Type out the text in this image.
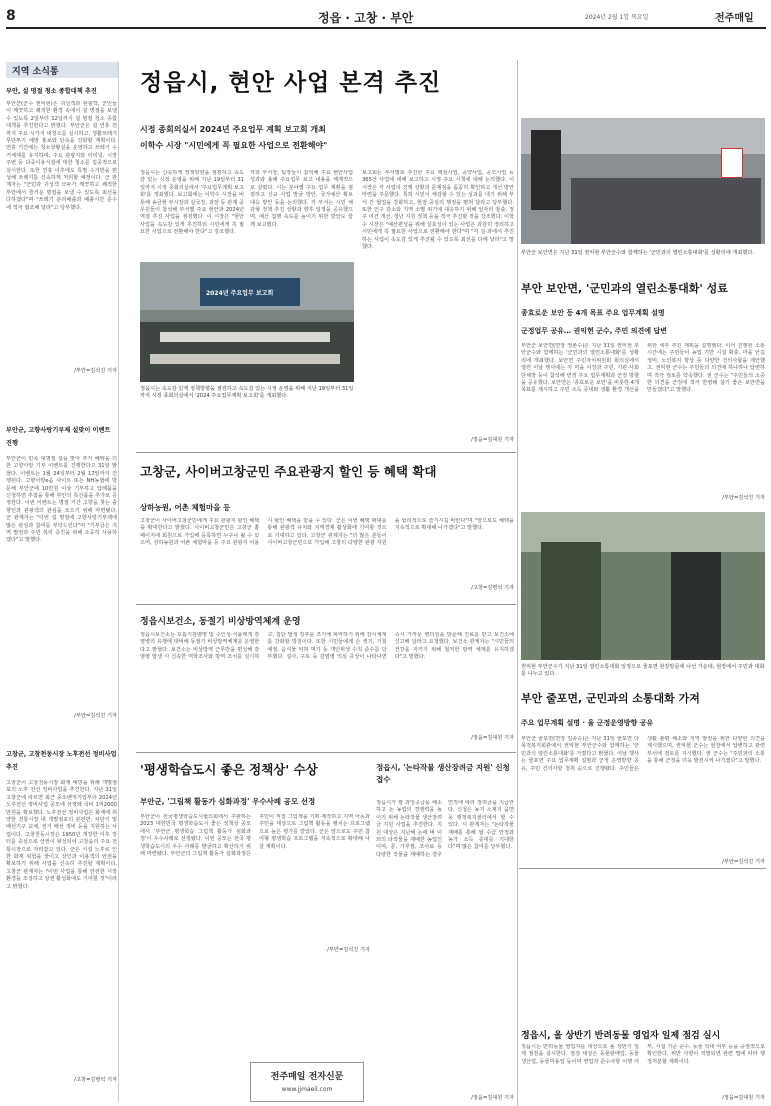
8	정읍 · 고창 · 부안	2024년 2월 1일 목요일	전주매일
지역 소식통
부안, 설 명절 청소 종합대책 추진
부안군(군수 권익현)은 귀성객과 관광객, 군민들이 깨끗하고 쾌적한 환경 속에서 설 명절을 보낼 수 있도록 2일부터 12일까지 설 명절 청소 종합대책을 추진한다고 밝혔다. 부안군은 설 연휴 전까지 주요 시가지 대청소를 실시하고, 생활쓰레기 무단투기 예방 홍보와 단속을 강화할 계획이다. 연휴 기간에는 청소상황실을 운영하고 쓰레기 수거체계를 유지하며, 주요 관광지와 터미널, 시장 주변 등 다중이용시설에 대한 청소를 집중적으로 실시한다. 또한 연휴 이후에도 특별 수거반을 편성해 쓰레기를 신속하게 처리할 예정이다. 군 관계자는 "군민과 귀성객 모두가 깨끗하고 쾌적한 부안에서 즐거운 명절을 보낼 수 있도록 최선을 다하겠다"며 "쓰레기 분리배출과 배출시간 준수에 적극 협조해 달라"고 당부했다.
/부안=김석진 기자
부안군, 고향사랑기부제 설맞이 이벤트 진행
부안군이 민족 대명절 설을 맞아 추가 혜택을 더한 고향사랑 기부 이벤트를 진행한다고 31일 밝혔다. 이벤트는 1월 24일부터 2월 17일까지 진행된다. 고향사랑e음 사이트 또는 NH농협에 방문해 부안군에 10만원 이상 기부하고 답례품을 신청하면 추첨을 통해 부안의 특산품을 추가로 증정한다. 이번 이벤트는 명절 기간 고향을 찾는 출향인과 관광객의 관심을 모으기 위해 마련됐다. 군 관계자는 "이번 설 명절에 고향사랑기부제에 많은 관심과 참여를 부탁드린다"며 "기부금은 지역 발전과 주민 복리 증진을 위해 소중히 사용하겠다"고 말했다.
/부안=김석진 기자
고창군, 고창천동시장 노후전선 정비사업 추진
고창군이 고창천동시장 화재 예방을 위해 개별점포의 노후 전선 정비사업을 추진한다. 지난 31일 고창군에 따르면 최근 중소벤처기업부의 2024년 노후전선 정비사업 공모에 선정돼 국비 1억2000만원을 확보했다. 노후전선 정비사업은 화재에 취약한 전통시장 내 개별점포의 분전반, 차단기 및 배선기구 교체, 전기 배선 정비 등을 지원하는 사업이다. 고창천동시장은 1950년 개장한 이후 장터를 중심으로 상권이 형성되어 고창읍의 주요 전통시장으로 자리잡고 있다. 군은 시설 노후로 인한 화재 위험을 줄이고 상인과 이용객의 안전을 확보하기 위해 사업을 신속히 추진할 계획이다. 고창군 관계자는 "이번 사업을 통해 안전한 시장 환경을 조성하고 상권 활성화에도 기여할 것"이라고 밝혔다.
/고창=김병석 기자
정읍시, 현안 사업 본격 추진
시정 종회의실서 2024년 주요업무 계획 보고회 개최
이학수 시장 "시민에게 꼭 필요한 사업으로 전환해야"
정읍시는 신속하게 정책방향을 점검하고 속도감 있는 시정 운영을 위해 지난 19일부터 31일까지 시정 종회의실에서 '주요업무계획 보고회'를 개최했다. 보고회에는 이학수 시장을 비롯해 송금현 부시장과 실국장, 과장 등 관계 공무원들이 참석해 부서별 주요 현안과 2024년 역점 추진 사업을 점검했다. 이 시장은 "현안 사업을 속도감 있게 추진하되 시민에게 꼭 필요한 사업으로 전환해야 한다"고 강조했다.
각과 부서장, 팀장들이 참석해 주요 현안사업 성과와 올해 주요업무 보고 내용을 체계적으로 살폈다. 시는 분야별 주요 업무 계획을 점검하고 신규 사업 발굴 방안, 국가예산 확보 대응 방안 등을 논의했다. 각 부서는 시민 체감형 정책 추진 상황과 향후 일정을 공유했으며, 예산 집행 속도를 높이기 위한 방안도 함께 보고했다.
2024년 주요업무 보고회
정읍시는 속도감 있게 정책방향을 점검하고 속도감 있는 시정 운영을 위해 지난 19일부터 31일까지 시정 종회의실에서 '2024 주요업무계획 보고회'를 개최했다.
보고회는 부서별로 추진한 주요 핵심사업, 공약사업, 공모사업 등 365건 사업에 대해 보고하고 시정 주요 시책에 대해 논의했다. 이 시장은 각 사업의 진행 상황과 문제점을 꼼꼼히 확인하고 개선 방안 마련을 주문했다. 특히 시민이 체감할 수 있는 성과를 내기 위해 부서 간 협업을 강화하고, 현장 중심의 행정을 펼쳐 달라고 당부했다. 또한 인구 감소와 지역 소멸 위기에 대응하기 위해 일자리 창출, 정주 여건 개선, 청년 지원 정책 등을 적극 추진할 것을 강조했다. 이학수 시장은 "예산편성을 위해 실효성이 있는 사업은 과감히 정리하고 시민에게 꼭 필요한 사업으로 전환해야 한다"며 "각 실·과에서 추진하는 사업이 속도감 있게 추진될 수 있도록 최선을 다해 달라"고 말했다.
/정읍=김대원 기자
부안군 보안면은 지난 31일 권익현 부안군수와 함께하는 '군민과의 열린소통대화'를 성황리에 개최했다.
부안 보안면, '군민과의 열린소통대화' 성료
종효로운 보안 등 4개 목표 주요 업무계획 설명
군정업무 공유… 권익현 군수, 주민 의견에 답변
부안군 보안면(면장 정춘수)은 지난 31일 권익현 부안군수와 함께하는 '군민과의 열린소통대화'를 성황리에 개최했다. 보안면 주민자치위원회 회의실에서 열린 이날 행사에는 각 마을 이장과 주민, 기관·사회단체장 등이 참석해 면정 주요 업무계획과 군정 방향을 공유했다. 보안면은 '종효로운 보안'을 비롯한 4개 목표를 제시하고 주민 소득 증대와 생활 환경 개선을 위한 세부 추진 계획을 설명했다. 이어 진행된 소통 시간에는 주민들이 농업 기반 시설 확충, 마을 안길 정비, 노인복지 향상 등 다양한 건의사항을 제안했고, 권익현 군수는 주민들의 의견에 하나하나 답변하며 적극 검토를 약속했다. 권 군수는 "주민들의 소중한 의견을 군정에 적극 반영해 살기 좋은 보안면을 만들겠다"고 말했다.
/부안=김석진 기자
고창군, 사이버고창군민 주요관광지 할인 등 혜택 확대
상하농원, 어촌 체험마을 등
고창군이 사이버고창군민에게 주요 관광지 할인 혜택을 확대한다고 밝혔다. 사이버고창군민은 고창군 홈페이지에 회원으로 가입해 등록하면 누구나 될 수 있으며, 상하농원과 어촌 체험마을 등 주요 관광지 이용 시 할인 혜택을 받을 수 있다. 군은 이번 혜택 확대를 통해 관광객 유치와 지역경제 활성화에 기여할 것으로 기대하고 있다. 고창군 관계자는 "더 많은 분들이 사이버고창군민으로 가입해 고창의 다양한 관광 자원을 합리적으로 즐기시길 바란다"며 "앞으로도 혜택을 지속적으로 확대해 나가겠다"고 말했다.
/고창=김병석 기자
정읍시보건소, 동절기 비상방역체계 운영
정읍시보건소는 호흡기감염병 및 수인성·식품매개 감염병의 유행에 대비해 동절기 비상방역체계를 운영한다고 밝혔다. 보건소는 비상방역 근무반을 편성해 감염병 발생 시 신속한 역학조사와 방역 조치를 실시하고, 집단 발생 징후를 조기에 파악하기 위해 감시체계를 강화할 방침이다. 또한 시민들에게 손 씻기, 기침 예절, 음식물 익혀 먹기 등 개인위생 수칙 준수를 당부했다. 설사, 구토 등 감염병 의심 증상이 나타나면 즉시 가까운 병의원을 방문해 진료를 받고 보건소에 신고해 달라고 요청했다. 보건소 관계자는 "시민들의 건강을 지키기 위해 철저한 방역 체계를 유지하겠다"고 말했다.
/정읍=김대원 기자
권익현 부안군수가 지난 31일 열린소통대화 일정으로 줄포면 현장방문에 나선 가운데, 현장에서 주민과 대화를 나누고 있다.
부안 줄포면, 군민과의 소통대화 가져
주요 업무계획 설명 · 율 군정운영방향 공유
부안군 줄포면(면장 김종승)은 지난 31일 줄포면 다목적복지회관에서 권익현 부안군수와 함께하는 '군민과의 열린소통대화'를 가졌다고 밝혔다. 이날 행사는 줄포면 주요 업무계획 설명과 군정 운영방향 공유, 주민 건의사항 청취 순으로 진행됐다. 주민들은 생활 불편 해소와 지역 발전을 위한 다양한 의견을 제시했으며, 권익현 군수는 현장에서 답변하고 관련 부서에 검토를 지시했다. 권 군수는 "주민과의 소통을 통해 군정을 더욱 발전시켜 나가겠다"고 말했다.
/부안=김석진 기자
'평생학습도시 좋은 정책상' 수상
부안군, '그림책 활동가 심화과정' 우수사례 공모 선정
부안군이 전국평생학습도시협의회에서 주관하는 2023 대한민국 평생학습도시 좋은 정책상 공모에서 '부안군 평생학습 그림책 활동가 심화과정'이 우수사례로 선정됐다. 이번 공모는 전국 평생학습도시의 우수 사례를 발굴하고 확산하기 위해 마련됐다. 부안군의 그림책 활동가 심화과정은 주민이 직접 그림책을 기획·제작하고 지역 아동과 주민을 대상으로 그림책 활동을 펼치는 프로그램으로 높은 평가를 받았다. 군은 앞으로도 주민 참여형 평생학습 프로그램을 지속적으로 확대해 나갈 계획이다.
/부안=김석진 기자
전주매일 전자신문
www.jjmaeil.com
정읍시, '논타작물 생산장려금 지원' 신청 접수
정읍시가 쌀 과잉공급을 해소하고 논 농업의 경쟁력을 높이기 위해 논타작물 생산장려금 지원 사업을 추진한다. 지원 대상은 지난해 논에 벼 이외의 타작물을 재배한 농업인이며, 콩, 가루쌀, 조사료 등 다양한 작물을 재배하는 경우 면적에 따라 장려금을 지급한다. 신청은 농지 소재지 읍면동 행정복지센터에서 할 수 있다. 시 관계자는 "논타작물 재배를 통해 쌀 수급 안정과 농가 소득 증대를 기대한다"며 많은 참여를 당부했다.
/정읍=김대원 기자
정읍시, 올 상반기 반려동물 영업자 일제 점검 실시
정읍시는 반려동물 영업자를 대상으로 올 상반기 일제 점검을 실시한다. 점검 대상은 동물판매업, 동물생산업, 동물미용업 등이며 영업자 준수사항 이행 여부, 시설 기준 준수, 동물 학대 여부 등을 중점적으로 확인한다. 위반 사항이 적발되면 관련 법에 따라 행정처분할 계획이다.
/정읍=김대원 기자
